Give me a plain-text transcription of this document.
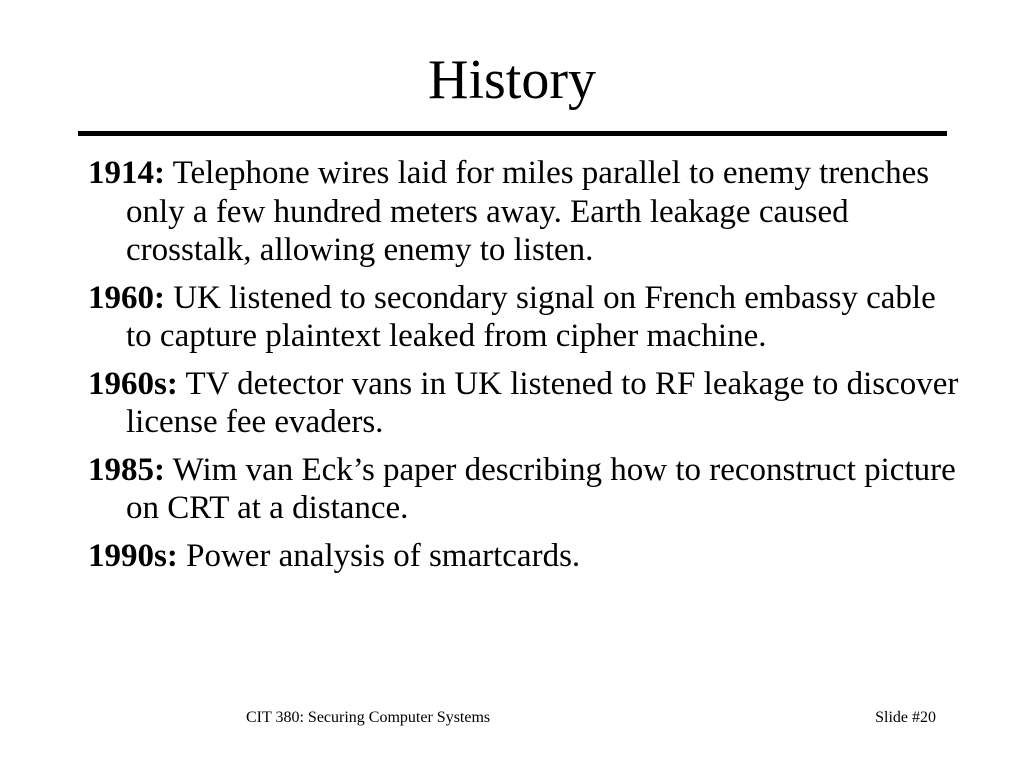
History
1914: Telephone wires laid for miles parallel to enemy trenches only a few hundred meters away. Earth leakage caused crosstalk, allowing enemy to listen.
1960: UK listened to secondary signal on French embassy cable to capture plaintext leaked from cipher machine.
1960s: TV detector vans in UK listened to RF leakage to discover license fee evaders.
1985: Wim van Eck’s paper describing how to reconstruct picture on CRT at a distance.
1990s: Power analysis of smartcards.
CIT 380: Securing Computer Systems	Slide #20
